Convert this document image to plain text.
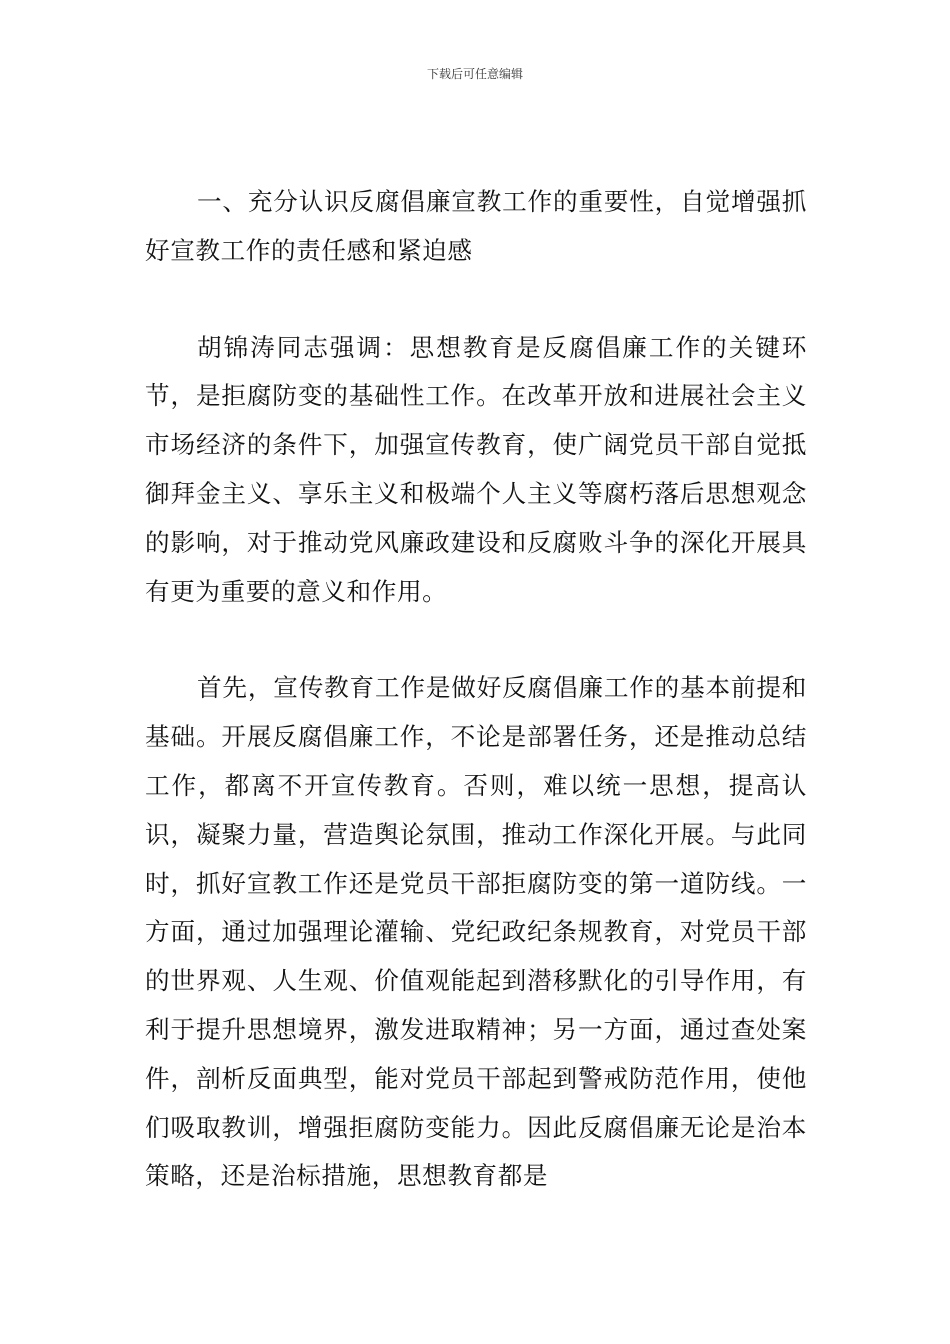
下载后可任意编辑

一、充分认识反腐倡廉宣教工作的重要性，自觉增强抓好宣教工作的责任感和紧迫感

胡锦涛同志强调：思想教育是反腐倡廉工作的关键环节，是拒腐防变的基础性工作。在改革开放和进展社会主义市场经济的条件下，加强宣传教育，使广阔党员干部自觉抵御拜金主义、享乐主义和极端个人主义等腐朽落后思想观念的影响，对于推动党风廉政建设和反腐败斗争的深化开展具有更为重要的意义和作用。

首先，宣传教育工作是做好反腐倡廉工作的基本前提和基础。开展反腐倡廉工作，不论是部署任务，还是推动总结工作，都离不开宣传教育。否则，难以统一思想，提高认识，凝聚力量，营造舆论氛围，推动工作深化开展。与此同时，抓好宣教工作还是党员干部拒腐防变的第一道防线。一方面，通过加强理论灌输、党纪政纪条规教育，对党员干部的世界观、人生观、价值观能起到潜移默化的引导作用，有利于提升思想境界，激发进取精神；另一方面，通过查处案件，剖析反面典型，能对党员干部起到警戒防范作用，使他们吸取教训，增强拒腐防变能力。因此反腐倡廉无论是治本策略，还是治标措施，思想教育都是
